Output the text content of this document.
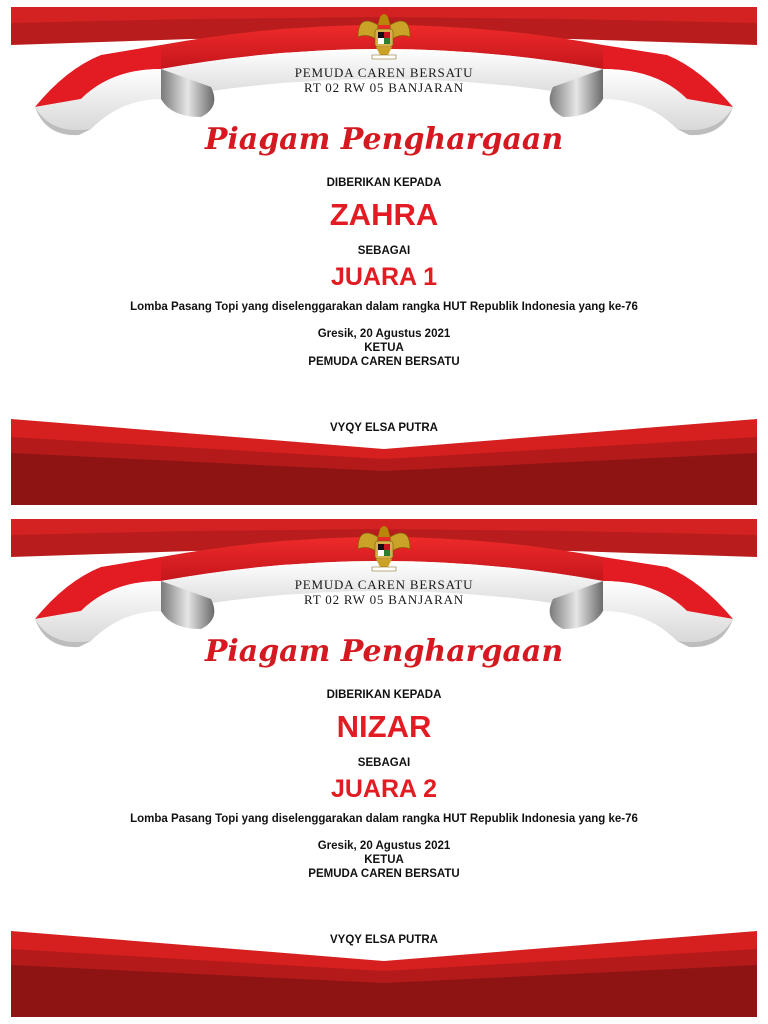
PEMUDA CAREN BERSATU
RT 02 RW 05 BANJARAN
Piagam Penghargaan
DIBERIKAN KEPADA
ZAHRA
SEBAGAI
JUARA 1
Lomba Pasang Topi yang diselenggarakan dalam rangka HUT Republik Indonesia yang ke-76
Gresik, 20 Agustus 2021
KETUA
PEMUDA CAREN BERSATU
VYQY ELSA PUTRA
PEMUDA CAREN BERSATU
RT 02 RW 05 BANJARAN
Piagam Penghargaan
DIBERIKAN KEPADA
NIZAR
SEBAGAI
JUARA 2
Lomba Pasang Topi yang diselenggarakan dalam rangka HUT Republik Indonesia yang ke-76
Gresik, 20 Agustus 2021
KETUA
PEMUDA CAREN BERSATU
VYQY ELSA PUTRA
